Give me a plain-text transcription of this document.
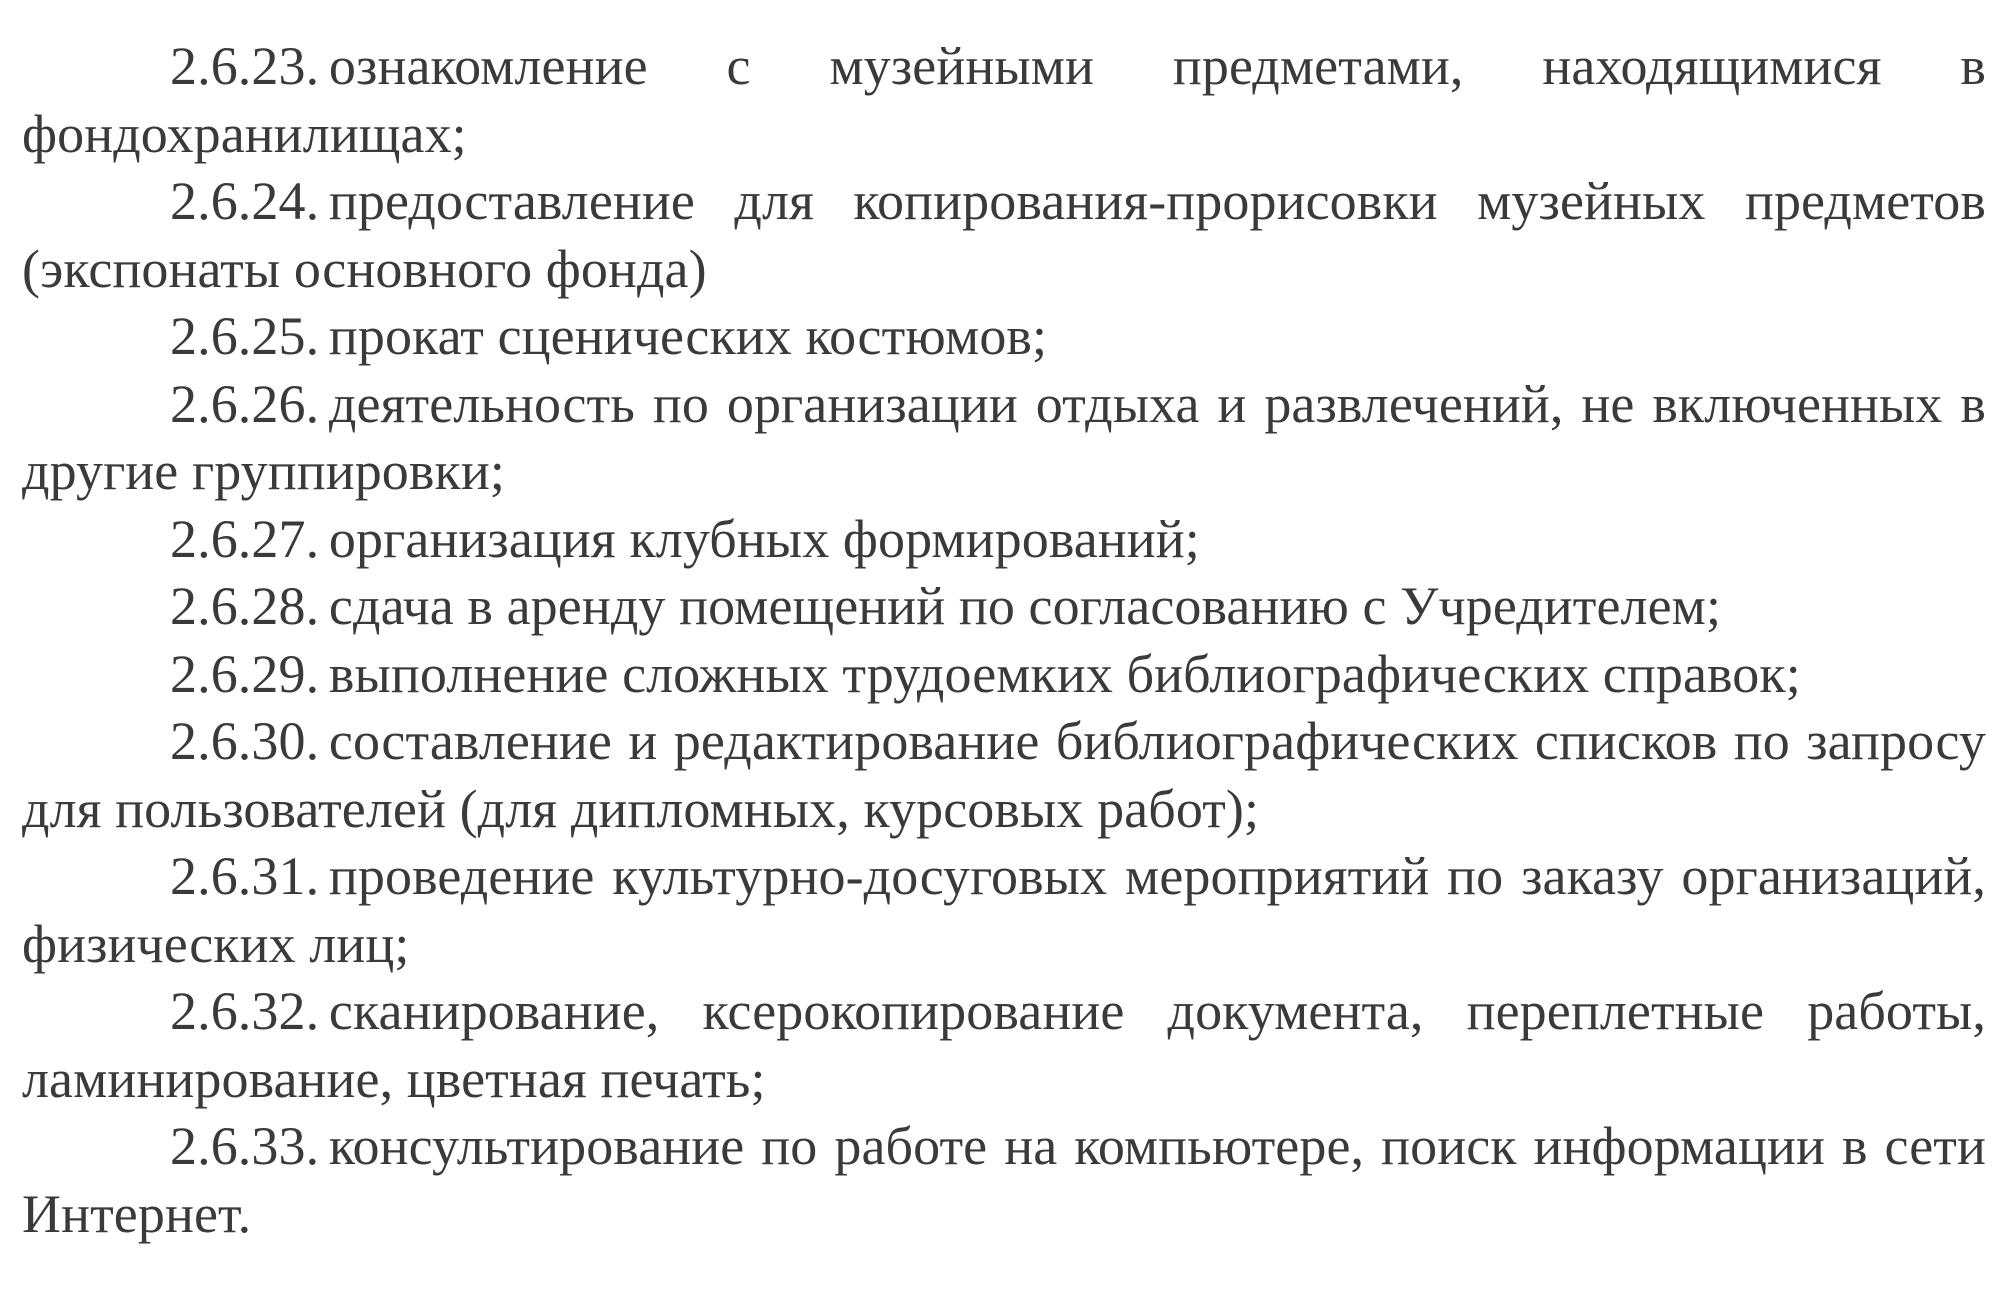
2.6.23. ознакомление с музейными предметами, находящимися в фондохранилищах;

2.6.24. предоставление для копирования-прорисовки музейных предметов (экспонаты основного фонда)

2.6.25. прокат сценических костюмов;

2.6.26. деятельность по организации отдыха и развлечений, не включенных в другие группировки;

2.6.27. организация клубных формирований;

2.6.28. сдача в аренду помещений по согласованию с Учредителем;

2.6.29. выполнение сложных трудоемких библиографических справок;

2.6.30. составление и редактирование библиографических списков по запросу для пользователей (для дипломных, курсовых работ);

2.6.31. проведение культурно-досуговых мероприятий по заказу организаций, физических лиц;

2.6.32. сканирование, ксерокопирование документа, переплетные работы, ламинирование, цветная печать;

2.6.33. консультирование по работе на компьютере, поиск информации в сети Интернет.
